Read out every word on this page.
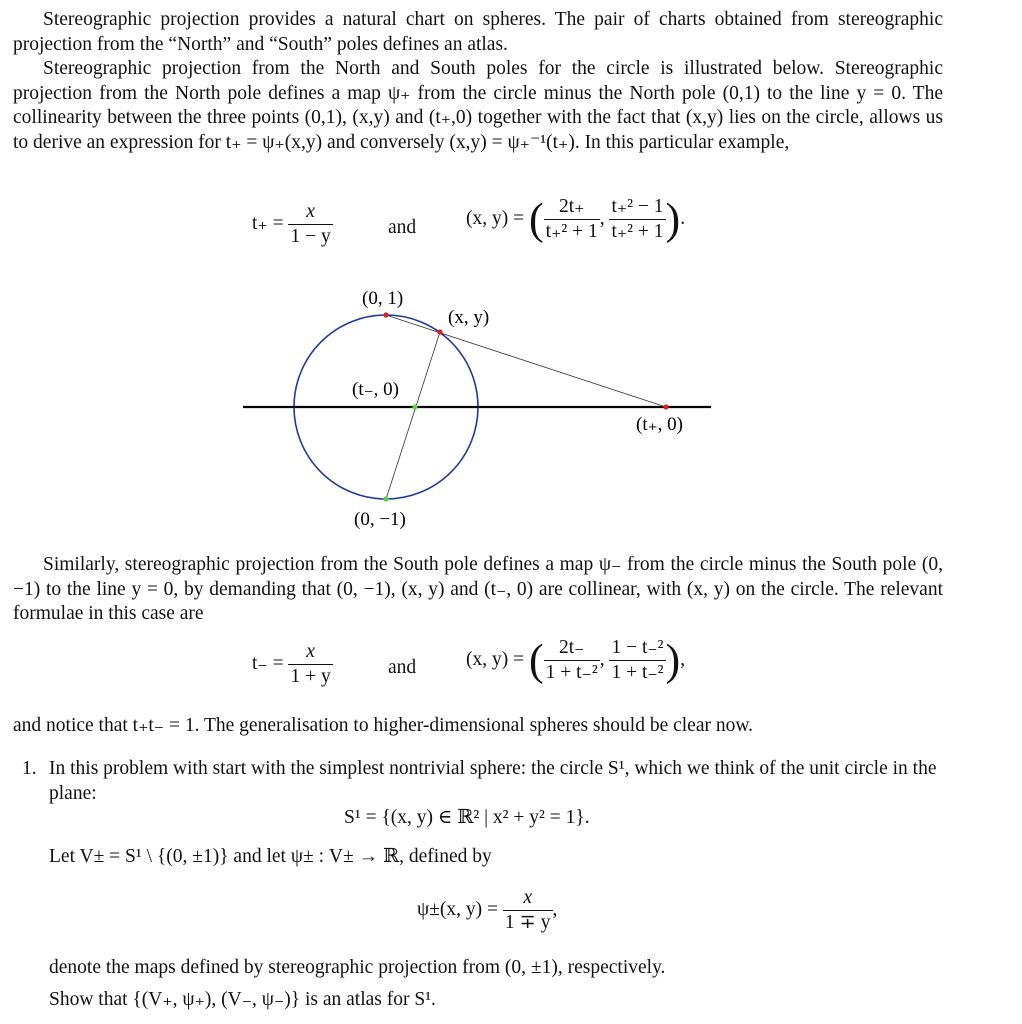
Stereographic projection provides a natural chart on spheres. The pair of charts obtained from stereographic projection from the “North” and “South” poles defines an atlas.

Stereographic projection from the North and South poles for the circle is illustrated below. Stereographic projection from the North pole defines a map ψ₊ from the circle minus the North pole (0,1) to the line y = 0. The collinearity between the three points (0,1), (x,y) and (t₊,0) together with the fact that (x,y) lies on the circle, allows us to derive an expression for t₊ = ψ₊(x,y) and conversely (x,y) = ψ₊⁻¹(t₊). In this particular example,

$t_+ = \frac{x}{1 - y}$	and	(x, y) = ( $\frac{2t_+}{\text{t₊² + 1}}$ , $\frac{\text{t₊² − 1}}{\text{t₊² + 1}}$ ).
(0, 1)
(x, y)
(t₋, 0)
(t₊, 0)
(0, −1)

Similarly, stereographic projection from the South pole defines a map ψ₋ from the circle minus the South pole (0, −1) to the line y = 0, by demanding that (0, −1), (x, y) and (t₋, 0) are collinear, with (x, y) on the circle. The relevant formulae in this case are

$t_- = \frac{x}{1 + y}$	and	(x, y) = ( $\frac{2t_-}{\text{1 + t₋²}}$ , $\frac{\text{1 − t₋²}}{\text{1 + t₋²}}$ ),

and notice that t₊t₋ = 1. The generalisation to higher-dimensional spheres should be clear now.

1. In this problem with start with the simplest nontrivial sphere: the circle S¹, which we think of the unit circle in the plane:

S¹ = {(x, y) ∈ ℝ² | x² + y² = 1}.

Let V± = S¹ \ {(0, ±1)} and let ψ± : V± → ℝ, defined by

ψ±(x, $y) = \frac{x}{1 \mp y}$ ,

denote the maps defined by stereographic projection from (0, ±1), respectively.

Show that {(V₊, ψ₊), (V₋, ψ₋)} is an atlas for S¹.
